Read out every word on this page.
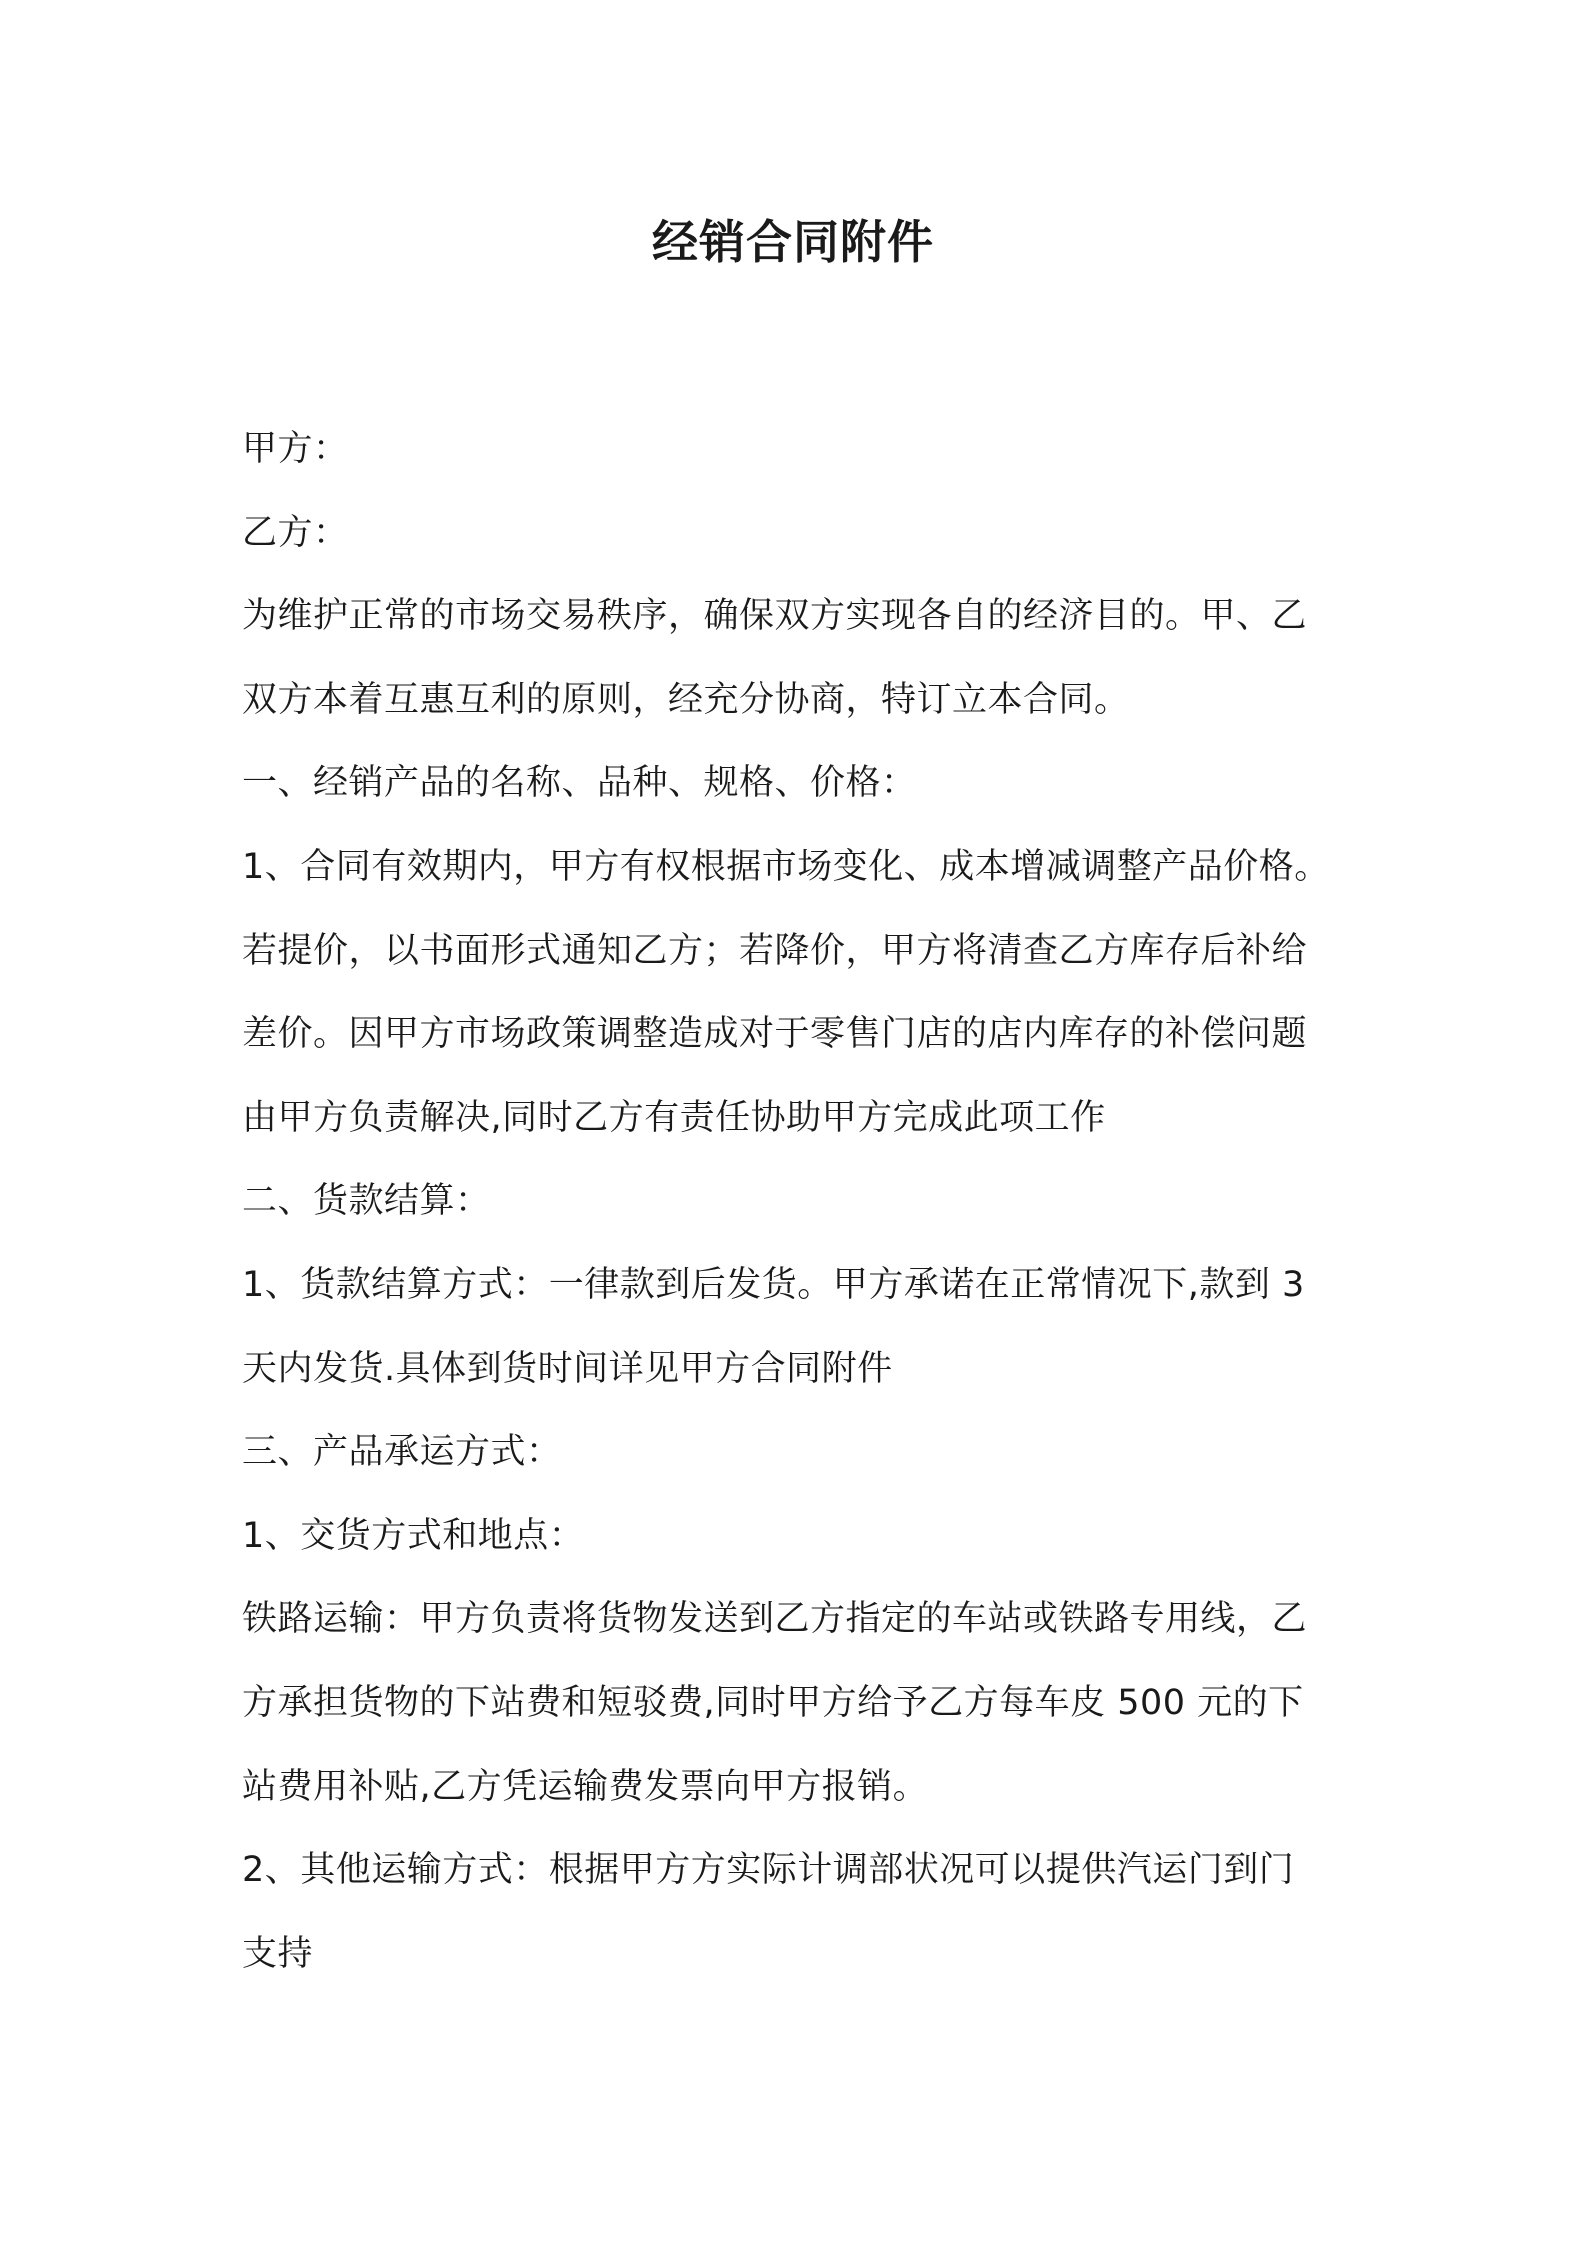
经销合同附件
甲方：
乙方：
为维护正常的市场交易秩序，确保双方实现各自的经济目的。甲、乙
双方本着互惠互利的原则，经充分协商，特订立本合同。
一、经销产品的名称、品种、规格、价格：
1、合同有效期内，甲方有权根据市场变化、成本增减调整产品价格。
若提价，以书面形式通知乙方；若降价，甲方将清查乙方库存后补给
差价。因甲方市场政策调整造成对于零售门店的店内库存的补偿问题
由甲方负责解决,同时乙方有责任协助甲方完成此项工作
二、货款结算：
1、货款结算方式：一律款到后发货。甲方承诺在正常情况下,款到 3
天内发货.具体到货时间详见甲方合同附件
三、产品承运方式：
1、交货方式和地点：
铁路运输：甲方负责将货物发送到乙方指定的车站或铁路专用线，乙
方承担货物的下站费和短驳费,同时甲方给予乙方每车皮 500 元的下
站费用补贴,乙方凭运输费发票向甲方报销。
2、其他运输方式：根据甲方方实际计调部状况可以提供汽运门到门
支持
